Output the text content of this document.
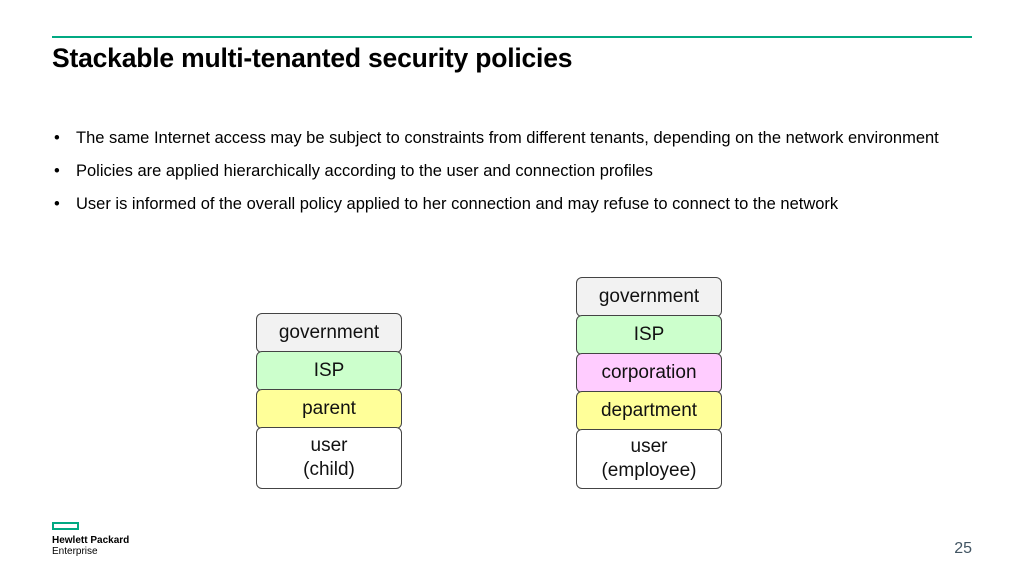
Stackable multi-tenanted security policies
• The same Internet access may be subject to constraints from different tenants, depending on the network environment
• Policies are applied hierarchically according to the user and connection profiles
• User is informed of the overall policy applied to her connection and may refuse to connect to the network
government
ISP
parent
user
(child)
government
ISP
corporation
department
user
(employee)
Hewlett Packard
Enterprise	25
